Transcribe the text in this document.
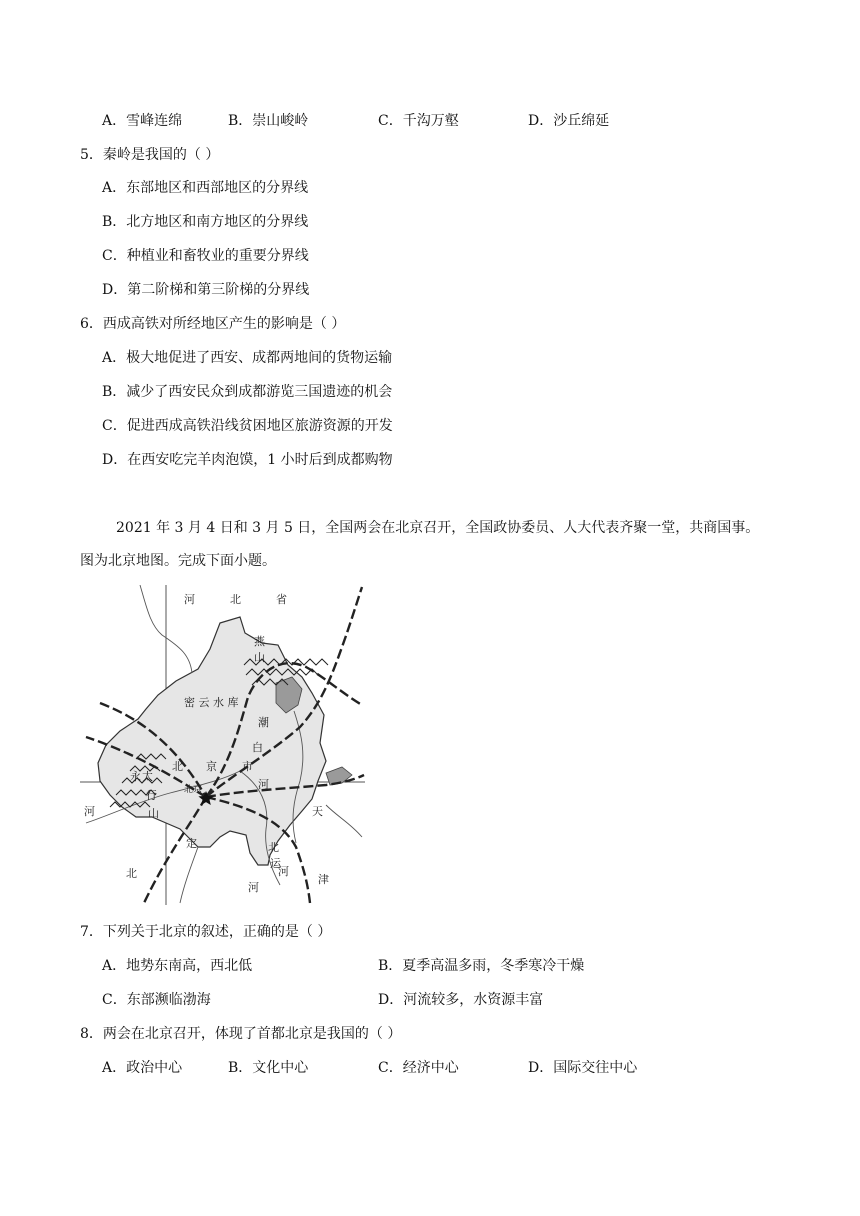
A．雪峰连绵	B．崇山峻岭	C．千沟万壑	D．沙丘绵延
5．秦岭是我国的（ ）
A．东部地区和西部地区的分界线
B．北方地区和南方地区的分界线
C．种植业和畜牧业的重要分界线
D．第二阶梯和第三阶梯的分界线
6．西成高铁对所经地区产生的影响是（ ）
A．极大地促进了西安、成都两地间的货物运输
B．减少了西安民众到成都游览三国遗迹的机会
C．促进西成高铁沿线贫困地区旅游资源的开发
D．在西安吃完羊肉泡馍，1 小时后到成都购物
2021 年 3 月 4 日和 3 月 5 日，全国两会在北京召开，全国政协委员、人大代表齐聚一堂，共商国事。
图为北京地图。完成下面小题。
河	北	省
燕
山
密 云 水 库
潮
白
河
北 京 市
永 太
行
山
北京
河	天
北
定
运
河
津
北
河
7．下列关于北京的叙述，正确的是（ ）
A．地势东南高，西北低	B．夏季高温多雨，冬季寒冷干燥
C．东部濒临渤海	D．河流较多，水资源丰富
8．两会在北京召开，体现了首都北京是我国的（ ）
A．政治中心	B．文化中心	C．经济中心	D．国际交往中心
